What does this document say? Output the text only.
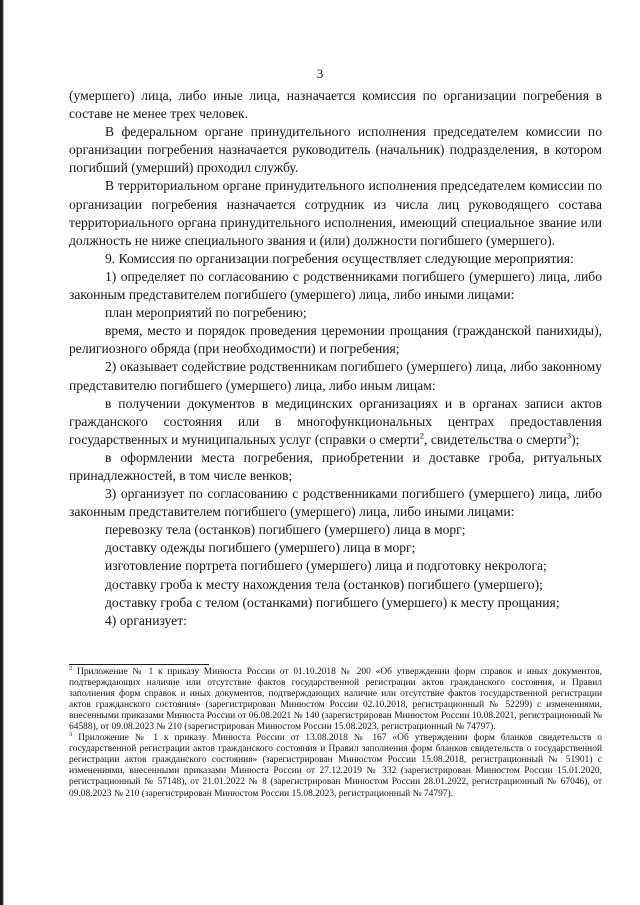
3

(умершего) лица, либо иные лица, назначается комиссия по организации погребения в составе не менее трех человек.

В федеральном органе принудительного исполнения председателем комиссии по организации погребения назначается руководитель (начальник) подразделения, в котором погибший (умерший) проходил службу.

В территориальном органе принудительного исполнения председателем комиссии по организации погребения назначается сотрудник из числа лиц руководящего состава территориального органа принудительного исполнения, имеющий специальное звание или должность не ниже специального звания и (или) должности погибшего (умершего).

9. Комиссия по организации погребения осуществляет следующие мероприятия:

1) определяет по согласованию с родственниками погибшего (умершего) лица, либо законным представителем погибшего (умершего) лица, либо иными лицами:

план мероприятий по погребению;

время, место и порядок проведения церемонии прощания (гражданской панихиды), религиозного обряда (при необходимости) и погребения;

2) оказывает содействие родственникам погибшего (умершего) лица, либо законному представителю погибшего (умершего) лица, либо иным лицам:

в получении документов в медицинских организациях и в органах записи актов гражданского состояния или в многофункциональных центрах предоставления государственных и муниципальных услуг (справки о смерти$^2$, свидетельства о смерти$^3$);

в оформлении места погребения, приобретении и доставке гроба, ритуальных принадлежностей, в том числе венков;

3) организует по согласованию с родственниками погибшего (умершего) лица, либо законным представителем погибшего (умершего) лица, либо иными лицами:

перевозку тела (останков) погибшего (умершего) лица в морг;

доставку одежды погибшего (умершего) лица в морг;

изготовление портрета погибшего (умершего) лица и подготовку некролога;

доставку гроба к месту нахождения тела (останков) погибшего (умершего);

доставку гроба с телом (останками) погибшего (умершего) к месту прощания;

4) организует:

$^2$ Приложение № 1 к приказу Минюста России от 01.10.2018 № 200 «Об утверждении форм справок и иных документов, подтверждающих наличие или отсутствие фактов государственной регистрации актов гражданского состояния, и Правил заполнения форм справок и иных документов, подтверждающих наличие или отсутствие фактов государственной регистрации актов гражданского состояния» (зарегистрирован Минюстом России 02.10.2018, регистрационный № 52299) с изменениями, внесенными приказами Минюста России от 06.08.2021 № 140 (зарегистрирован Минюстом России 10.08.2021, регистрационный № 64588), от 09.08.2023 № 210 (зарегистрирован Минюстом России 15.08.2023, регистрационный № 74797).

$^3$ Приложение № 1 к приказу Минюста России от 13.08.2018 № 167 «Об утверждении форм бланков свидетельств о государственной регистрации актов гражданского состояния и Правил заполнения форм бланков свидетельств о государственной регистрации актов гражданского состояния» (зарегистрирован Минюстом России 15.08.2018, регистрационный № 51901) с изменениями, внесенными приказами Минюста России от 27.12.2019 № 332 (зарегистрирован Минюстом России 15.01.2020, регистрационный № 57148), от 21.01.2022 № 8 (зарегистрирован Минюстом России 28.01.2022, регистрационный № 67046), от 09.08.2023 № 210 (зарегистрирован Минюстом России 15.08.2023, регистрационный № 74797).
